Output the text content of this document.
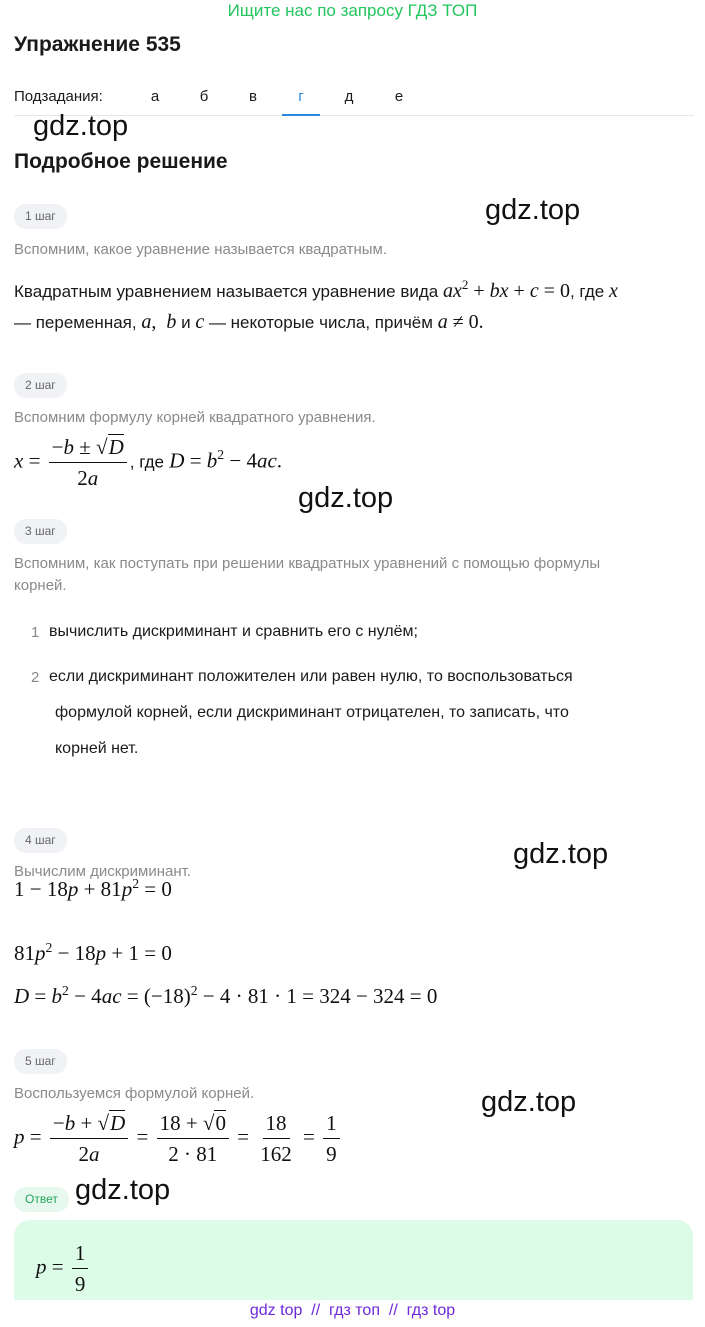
Ищите нас по запросу ГДЗ ТОП
Упражнение 535
Подзадания:	а	б	в	г	д	е
gdz.top
gdz.top
gdz.top
gdz.top
gdz.top
gdz.top
Подробное решение
1 шаг
Вспомним, какое уравнение называется квадратным.
Квадратным уравнением называется уравнение вида $ax^2$ + bx + c = 0, где x
— переменная, a,  b и c — некоторые числа, причём a ≠ 0.
2 шаг
Вспомним формулу корней квадратного уравнения.
$x = \frac{-b \pm √D}{2a}$ , где $D = b^2 - 4ac$.
3 шаг
Вспомним, как поступать при решении квадратных уравнений с помощью формулы
корней.
1 вычислить дискриминант и сравнить его с нулём;
2 если дискриминант положителен или равен нулю, то воспользоваться
формулой корней, если дискриминант отрицателен, то записать, что
корней нет.
4 шаг
Вычислим дискриминант.
$1 - 18p + 81p^2 = 0$
$81p^2 - 18p + 1 = 0$
$D = b^2 - 4ac = (-18)^2 - 4 \cdot 81 \cdot 1 = 324 - 324 = 0$
5 шаг
Воспользуемся формулой корней.
$p = \frac{-b + √D}{2a} = \frac{18 + √0}{2 \cdot 81} = \frac{18}{162} = \frac{1}{9}$
Ответ
$p = \frac{1}{9}$
gdz top  //  гдз топ  //  гдз top
